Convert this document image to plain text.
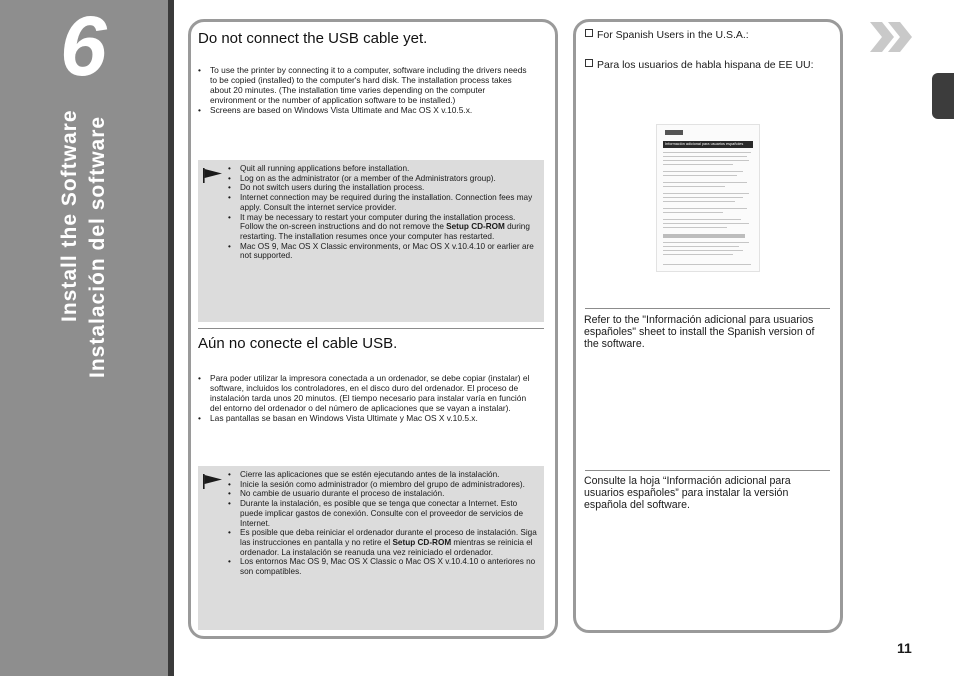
6
Install the Software Instalación del software
Do not connect the USB cable yet.
• To use the printer by connecting it to a computer, software including the drivers needs to be copied (installed) to the computer's hard disk. The installation process takes about 20 minutes. (The installation time varies depending on the computer environment or the number of application software to be installed.)
• Screens are based on Windows Vista Ultimate and Mac OS X v.10.5.x.
• Quit all running applications before installation.
• Log on as the administrator (or a member of the Administrators group).
• Do not switch users during the installation process.
• Internet connection may be required during the installation. Connection fees may apply. Consult the internet service provider.
• It may be necessary to restart your computer during the installation process. Follow the on-screen instructions and do not remove the Setup CD-ROM during restarting. The installation resumes once your computer has restarted.
• Mac OS 9, Mac OS X Classic environments, or Mac OS X v.10.4.10 or earlier are not supported.
Aún no conecte el cable USB.
• Para poder utilizar la impresora conectada a un ordenador, se debe copiar (instalar) el software, incluidos los controladores, en el disco duro del ordenador. El proceso de instalación tarda unos 20 minutos. (El tiempo necesario para instalar varía en función del entorno del ordenador o del número de aplicaciones que se vayan a instalar).
• Las pantallas se basan en Windows Vista Ultimate y Mac OS X v.10.5.x.
• Cierre las aplicaciones que se estén ejecutando antes de la instalación.
• Inicie la sesión como administrador (o miembro del grupo de administradores).
• No cambie de usuario durante el proceso de instalación.
• Durante la instalación, es posible que se tenga que conectar a Internet. Esto puede implicar gastos de conexión. Consulte con el proveedor de servicios de Internet.
• Es posible que deba reiniciar el ordenador durante el proceso de instalación. Siga las instrucciones en pantalla y no retire el Setup CD-ROM mientras se reinicia el ordenador. La instalación se reanuda una vez reiniciado el ordenador.
• Los entornos Mac OS 9, Mac OS X Classic o Mac OS X v.10.4.10 o anteriores no son compatibles.
For Spanish Users in the U.S.A.:
Para los usuarios de habla hispana de EE UU:
Información adicional para usuarios españoles
Refer to the "Información adicional para usuarios españoles" sheet to install the Spanish version of the software.
Consulte la hoja “Información adicional para usuarios españoles” para instalar la versión española del software.
11
